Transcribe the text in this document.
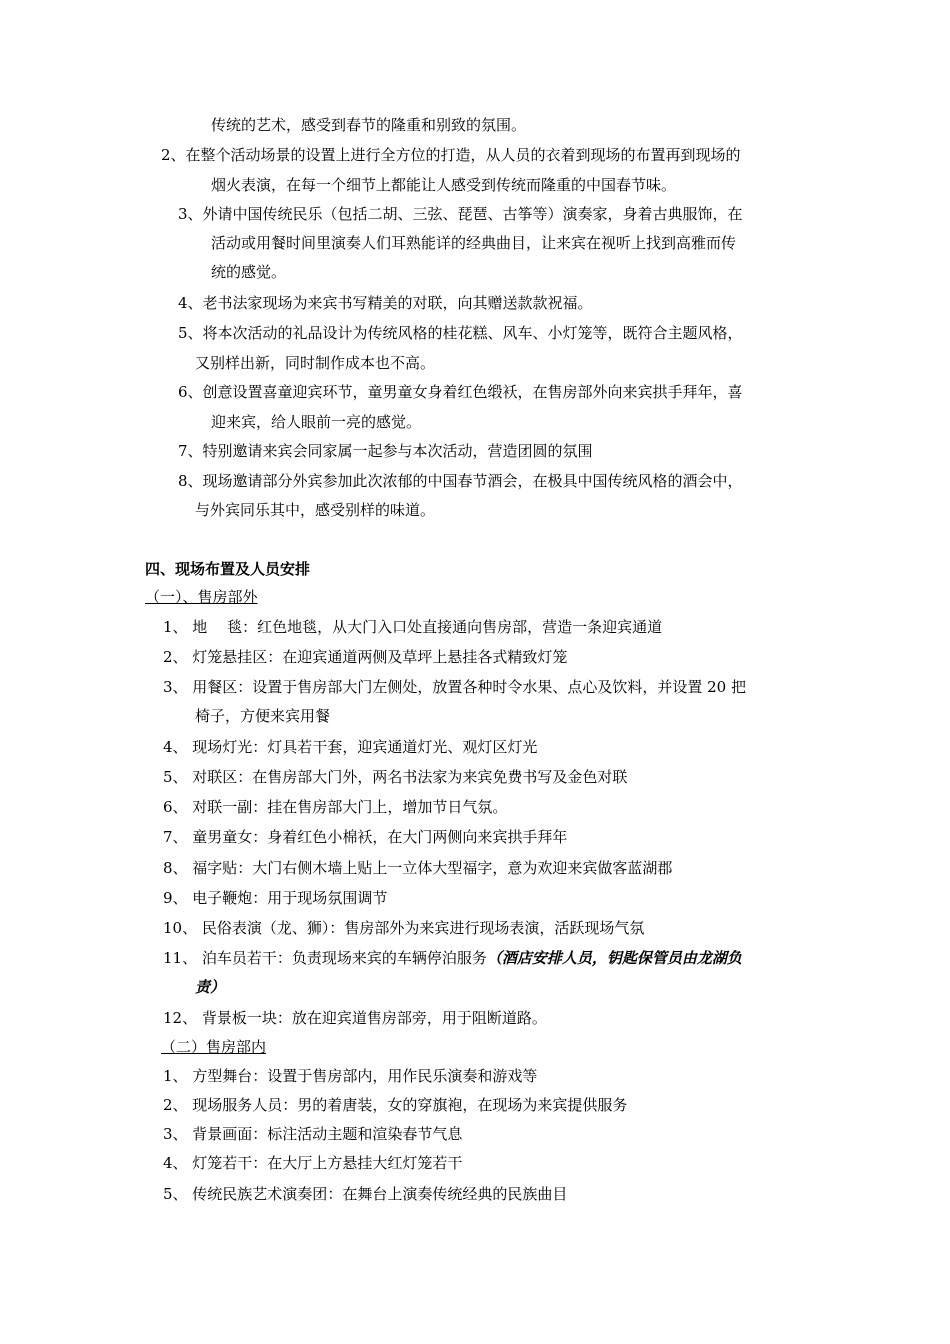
传统的艺术，感受到春节的隆重和别致的氛围。
2、在整个活动场景的设置上进行全方位的打造，从人员的衣着到现场的布置再到现场的
烟火表演，在每一个细节上都能让人感受到传统而隆重的中国春节味。
3、外请中国传统民乐（包括二胡、三弦、琵琶、古筝等）演奏家，身着古典服饰，在
活动或用餐时间里演奏人们耳熟能详的经典曲目，让来宾在视听上找到高雅而传
统的感觉。
4、老书法家现场为来宾书写精美的对联，向其赠送款款祝福。
5、将本次活动的礼品设计为传统风格的桂花糕、风车、小灯笼等，既符合主题风格，
又别样出新，同时制作成本也不高。
6、创意设置喜童迎宾环节，童男童女身着红色缎袄，在售房部外向来宾拱手拜年，喜
迎来宾，给人眼前一亮的感觉。
7、特别邀请来宾会同家属一起参与本次活动，营造团圆的氛围
8、现场邀请部分外宾参加此次浓郁的中国春节酒会，在极具中国传统风格的酒会中，
与外宾同乐其中，感受别样的味道。
四、现场布置及人员安排
（一）、售房部外
1、 地　 毯：红色地毯，从大门入口处直接通向售房部，营造一条迎宾通道
2、 灯笼悬挂区：在迎宾通道两侧及草坪上悬挂各式精致灯笼
3、 用餐区：设置于售房部大门左侧处，放置各种时令水果、点心及饮料，并设置 20 把
椅子，方便来宾用餐
4、 现场灯光：灯具若干套，迎宾通道灯光、观灯区灯光
5、 对联区：在售房部大门外，两名书法家为来宾免费书写及金色对联
6、 对联一副：挂在售房部大门上，增加节日气氛。
7、 童男童女：身着红色小棉袄，在大门两侧向来宾拱手拜年
8、 福字贴：大门右侧木墙上贴上一立体大型福字，意为欢迎来宾做客蓝湖郡
9、 电子鞭炮：用于现场氛围调节
10、 民俗表演（龙、狮）：售房部外为来宾进行现场表演，活跃现场气氛
11、 泊车员若干：负责现场来宾的车辆停泊服务（酒店安排人员，钥匙保管员由龙湖负
责）
12、 背景板一块：放在迎宾道售房部旁，用于阻断道路。
（二）售房部内
1、 方型舞台：设置于售房部内，用作民乐演奏和游戏等
2、 现场服务人员：男的着唐装，女的穿旗袍，在现场为来宾提供服务
3、 背景画面：标注活动主题和渲染春节气息
4、 灯笼若干：在大厅上方悬挂大红灯笼若干
5、 传统民族艺术演奏团：在舞台上演奏传统经典的民族曲目
